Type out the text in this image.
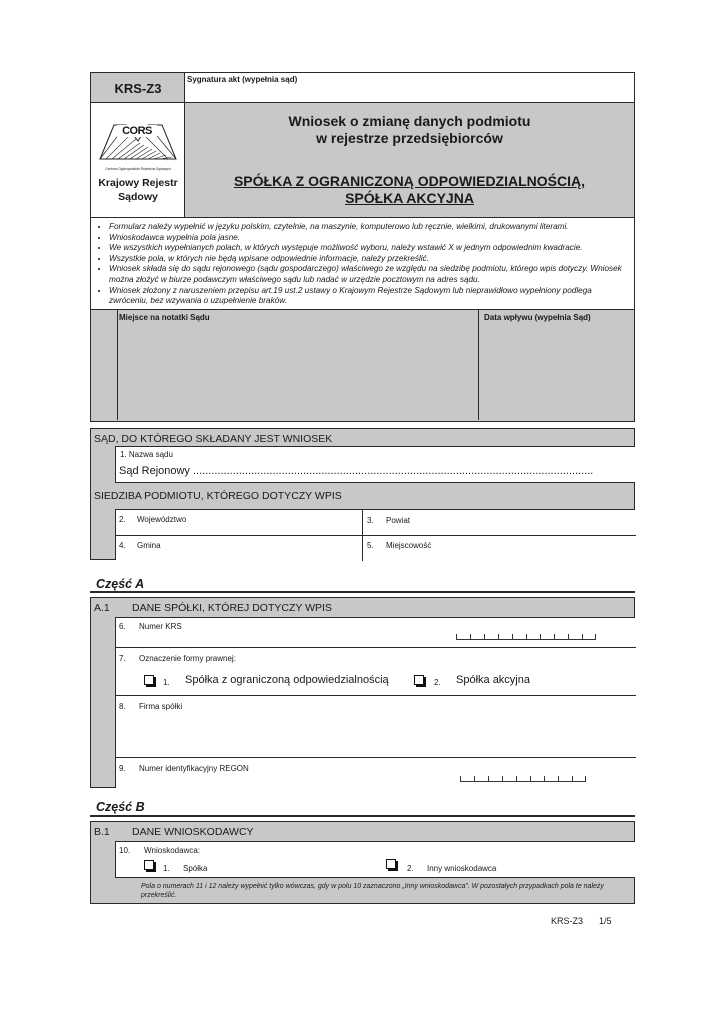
KRS-Z3
CORS
Centrum Ogólnopolskich Rejestrów Sądowych
Krajowy Rejestr
Sądowy
Sygnatura akt (wypełnia sąd)
Wniosek o zmianę danych podmiotu
w rejestrze przedsiębiorców
SPÓŁKA Z OGRANICZONĄ ODPOWIEDZIALNOŚCIĄ,
SPÓŁKA AKCYJNA
• Formularz należy wypełnić w języku polskim, czytelnie, na maszynie, komputerowo lub ręcznie, wielkimi, drukowanymi literami.
• Wnioskodawca wypełnia pola jasne.
• We wszystkich wypełnianych polach, w których występuje możliwość wyboru, należy wstawić X w jednym odpowiednim kwadracie.
• Wszystkie pola, w których nie będą wpisane odpowiednie informacje, należy przekreślić.
• Wniosek składa się do sądu rejonowego (sądu gospodarczego) właściwego ze względu na siedzibę podmiotu, którego wpis dotyczy. Wniosek można złożyć w biurze podawczym właściwego sądu lub nadać w urzędzie pocztowym na adres sądu.
• Wniosek złożony z naruszeniem przepisu art.19 ust.2 ustawy o Krajowym Rejestrze Sądowym lub nieprawidłowo wypełniony podlega zwróceniu, bez wzywania o uzupełnienie braków.
Miejsce na notatki Sądu	Data wpływu (wypełnia Sąd)
SĄD, DO KTÓREGO SKŁADANY JEST WNIOSEK
1. Nazwa sądu
Sąd Rejonowy ...................................................................................................................................
SIEDZIBA PODMIOTU, KTÓREGO DOTYCZY WPIS
2. Województwo	3. Powiat
4. Gmina	5. Miejscowość
Część A
A.1 DANE SPÓŁKI, KTÓREJ DOTYCZY WPIS
6. Numer KRS
7. Oznaczenie formy prawnej:
1. Spółka z ograniczoną odpowiedzialnością	2. Spółka akcyjna
8. Firma spółki
9. Numer identyfikacyjny REGON
Część B
B.1 DANE WNIOSKODAWCY
10. Wnioskodawca:
1. Spółka	2. Inny wnioskodawca
Pola o numerach 11 i 12 należy wypełnić tylko wówczas, gdy w polu 10 zaznaczono „Inny wnioskodawca”. W pozostałych przypadkach pola te należy przekreślić.
KRS-Z3 1/5
